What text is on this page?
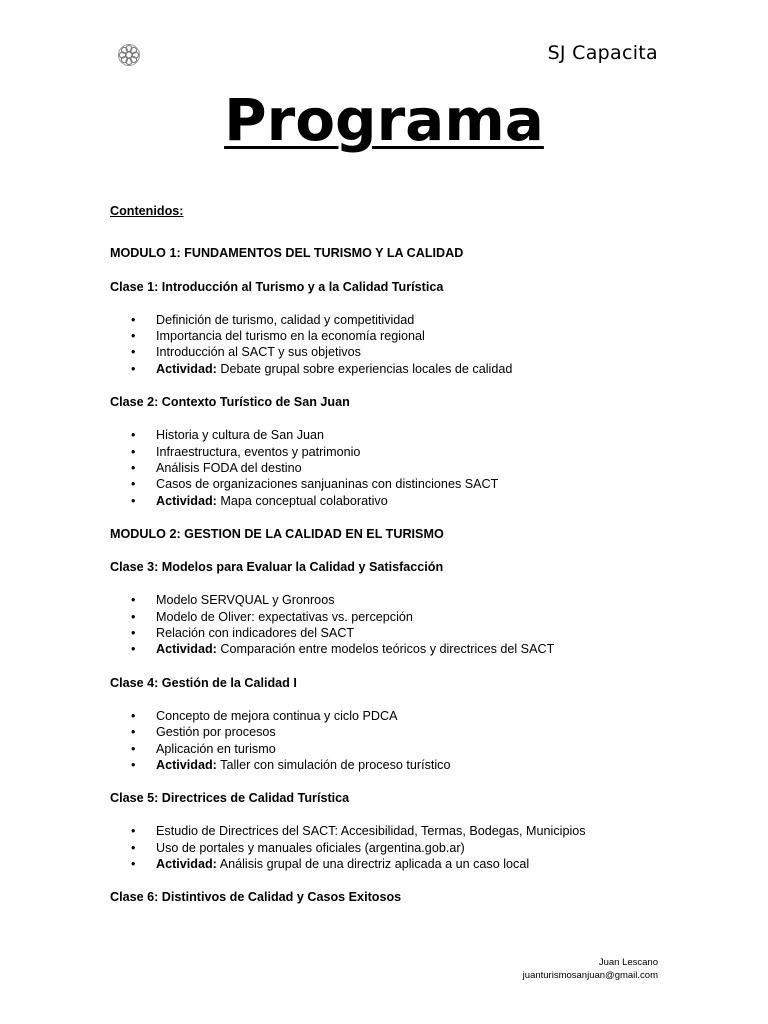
SJ Capacita
Programa
Contenidos:
MODULO 1: FUNDAMENTOS DEL TURISMO Y LA CALIDAD
Clase 1: Introducción al Turismo y a la Calidad Turística
• Definición de turismo, calidad y competitividad
• Importancia del turismo en la economía regional
• Introducción al SACT y sus objetivos
• Actividad: Debate grupal sobre experiencias locales de calidad
Clase 2: Contexto Turístico de San Juan
• Historia y cultura de San Juan
• Infraestructura, eventos y patrimonio
• Análisis FODA del destino
• Casos de organizaciones sanjuaninas con distinciones SACT
• Actividad: Mapa conceptual colaborativo
MODULO 2: GESTION DE LA CALIDAD EN EL TURISMO
Clase 3: Modelos para Evaluar la Calidad y Satisfacción
• Modelo SERVQUAL y Gronroos
• Modelo de Oliver: expectativas vs. percepción
• Relación con indicadores del SACT
• Actividad: Comparación entre modelos teóricos y directrices del SACT
Clase 4: Gestión de la Calidad I
• Concepto de mejora continua y ciclo PDCA
• Gestión por procesos
• Aplicación en turismo
• Actividad: Taller con simulación de proceso turístico
Clase 5: Directrices de Calidad Turística
• Estudio de Directrices del SACT: Accesibilidad, Termas, Bodegas, Municipios
• Uso de portales y manuales oficiales (argentina.gob.ar)
• Actividad: Análisis grupal de una directriz aplicada a un caso local
Clase 6: Distintivos de Calidad y Casos Exitosos
Juan Lescano
juanturismosanjuan@gmail.com
